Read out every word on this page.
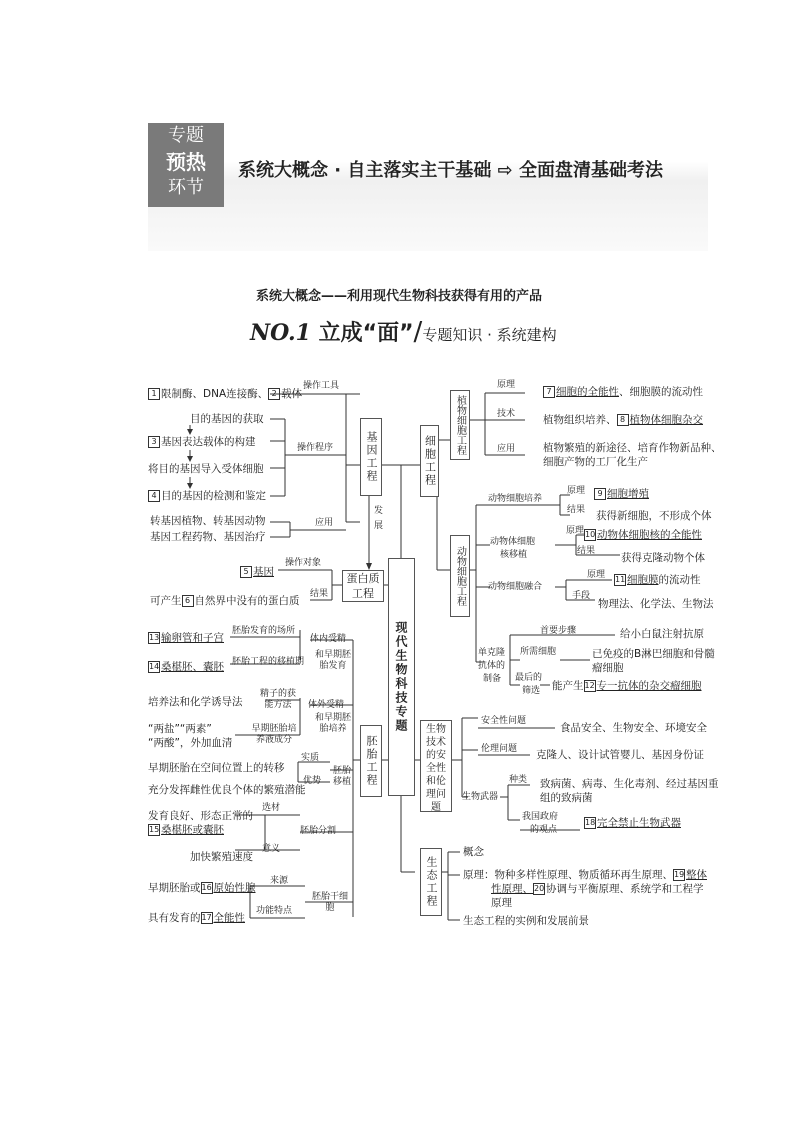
专题
预热
环节
系统大概念 · 自主落实主干基础 ⇨ 全面盘清基础考法
系统大概念——利用现代生物科技获得有用的产品
NO.1 立成“面”/专题知识 · 系统建构
现代生物科技专题
基因工程
蛋白质工程
胚胎工程
细胞工程
植物细胞工程
动物细胞工程
生物技术的安全性和伦理问题
生态工程
1 限制酶、DNA连接酶、 2 载体
操作工具
目的基因的获取
3 基因表达载体的构建	操作程序
将目的基因导入受体细胞
4 目的基因的检测和鉴定
转基因植物、转基因动物
基因工程药物、基因治疗
应用	发展
操作对象
5 基因
结果
可产生 6 自然界中没有的蛋白质
体内受精
胚胎发育的场所
13 输卵管和子宫
和早期胚胎发育
胚胎工程的移植期
14 桑椹胚、囊胚
体外受精
精子的获能方法
培养法和化学诱导法
和早期胚胎培养
早期胚胎培养液成分
“两盐”“两素”
“两酸”，外加血清
胚胎移植
实质
早期胚胎在空间位置上的转移
优势
充分发挥雌性优良个体的繁殖潜能
胚胎分割
选材
发育良好、形态正常的
15 桑椹胚或囊胚
意义
加快繁殖速度
胚胎干细胞
来源
早期胚胎或16 原始性腺
功能特点
具有发育的17 全能性
原理
7 细胞的全能性、细胞膜的流动性
技术	植物组织培养、 8 植物体细胞杂交
应用	植物繁殖的新途径、培育作物新品种、
细胞产物的工厂化生产
动物细胞培养
原理	9 细胞增殖
结果 获得新细胞，不形成个体
动物体细胞
核移植
原理 10 动物体细胞核的全能性
结果
获得克隆动物个体
动物细胞融合
原理 11 细胞膜的流动性
手段
物理法、化学法、生物法
单克隆
抗体的
制备
首要步骤	给小白鼠注射抗原
所需细胞	已免疫的B淋巴细胞和骨髓
瘤细胞
最后的
筛选 能产生12 专一抗体的杂交瘤细胞
安全性问题
食品安全、生物安全、环境安全
伦理问题 克隆人、设计试管婴儿、基因身份证
生物武器
种类 致病菌、病毒、生化毒剂、经过基因重
组的致病菌
我国政府
的观点
18 完全禁止生物武器
概念
原理：物种多样性原理、物质循环再生原理、19 整体
性原理、20 协调与平衡原理、系统学和工程学
原理
生态工程的实例和发展前景
